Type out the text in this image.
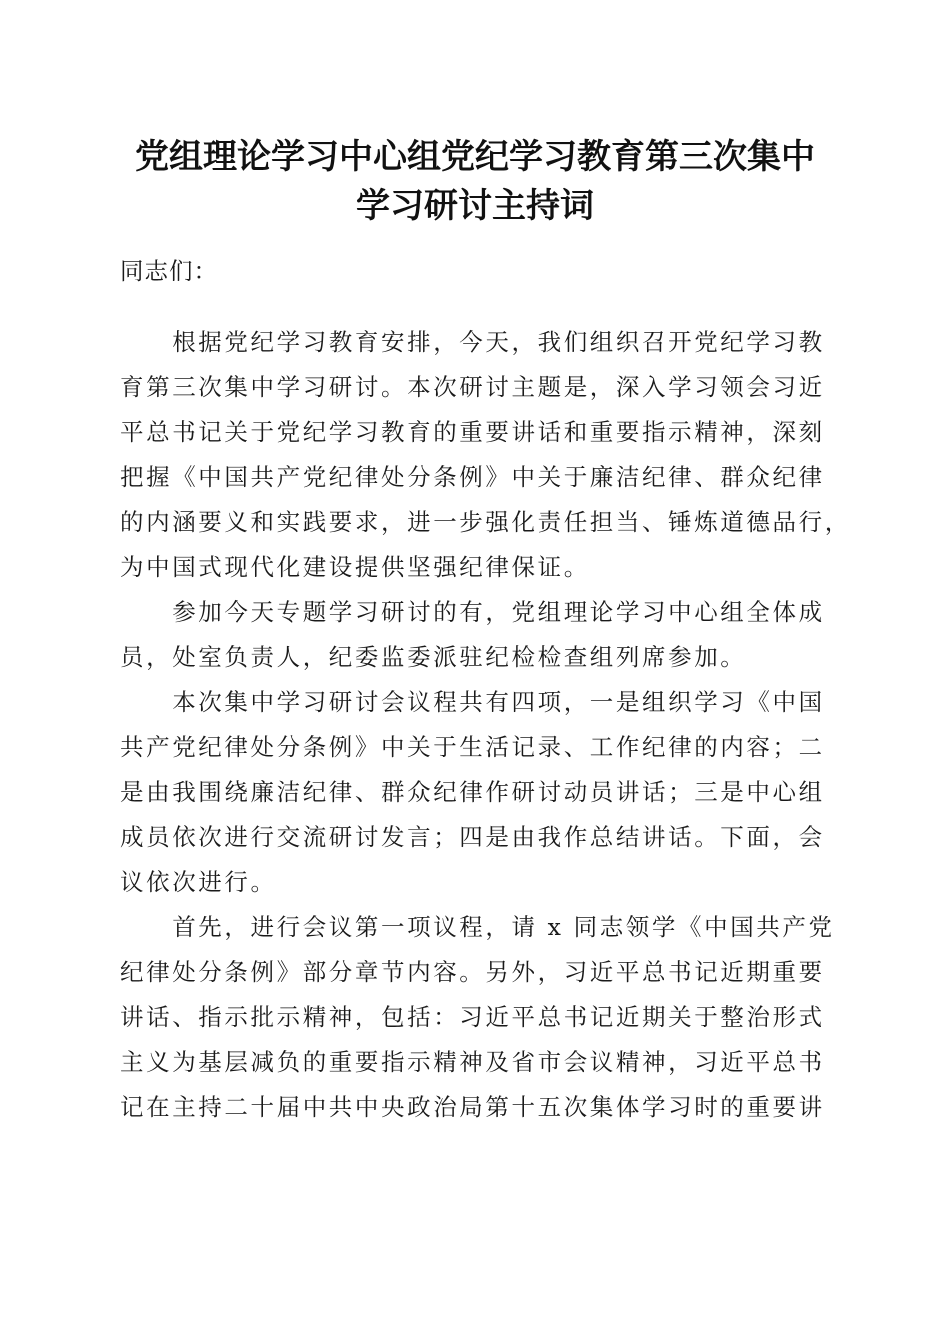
党组理论学习中心组党纪学习教育第三次集中
学习研讨主持词

同志们：

　　根据党纪学习教育安排，今天，我们组织召开党纪学习教

育第三次集中学习研讨。本次研讨主题是，深入学习领会习近

平总书记关于党纪学习教育的重要讲话和重要指示精神，深刻

把握《中国共产党纪律处分条例》中关于廉洁纪律、群众纪律

的内涵要义和实践要求，进一步强化责任担当、锤炼道德品行，

为中国式现代化建设提供坚强纪律保证。

　　参加今天专题学习研讨的有，党组理论学习中心组全体成

员，处室负责人，纪委监委派驻纪检检查组列席参加。

　　本次集中学习研讨会议程共有四项，一是组织学习《中国

共产党纪律处分条例》中关于生活记录、工作纪律的内容；二

是由我围绕廉洁纪律、群众纪律作研讨动员讲话；三是中心组

成员依次进行交流研讨发言；四是由我作总结讲话。下面，会

议依次进行。

　　首先，进行会议第一项议程，请 x 同志领学《中国共产党

纪律处分条例》部分章节内容。另外，习近平总书记近期重要

讲话、指示批示精神，包括：习近平总书记近期关于整治形式

主义为基层减负的重要指示精神及省市会议精神，习近平总书

记在主持二十届中共中央政治局第十五次集体学习时的重要讲
